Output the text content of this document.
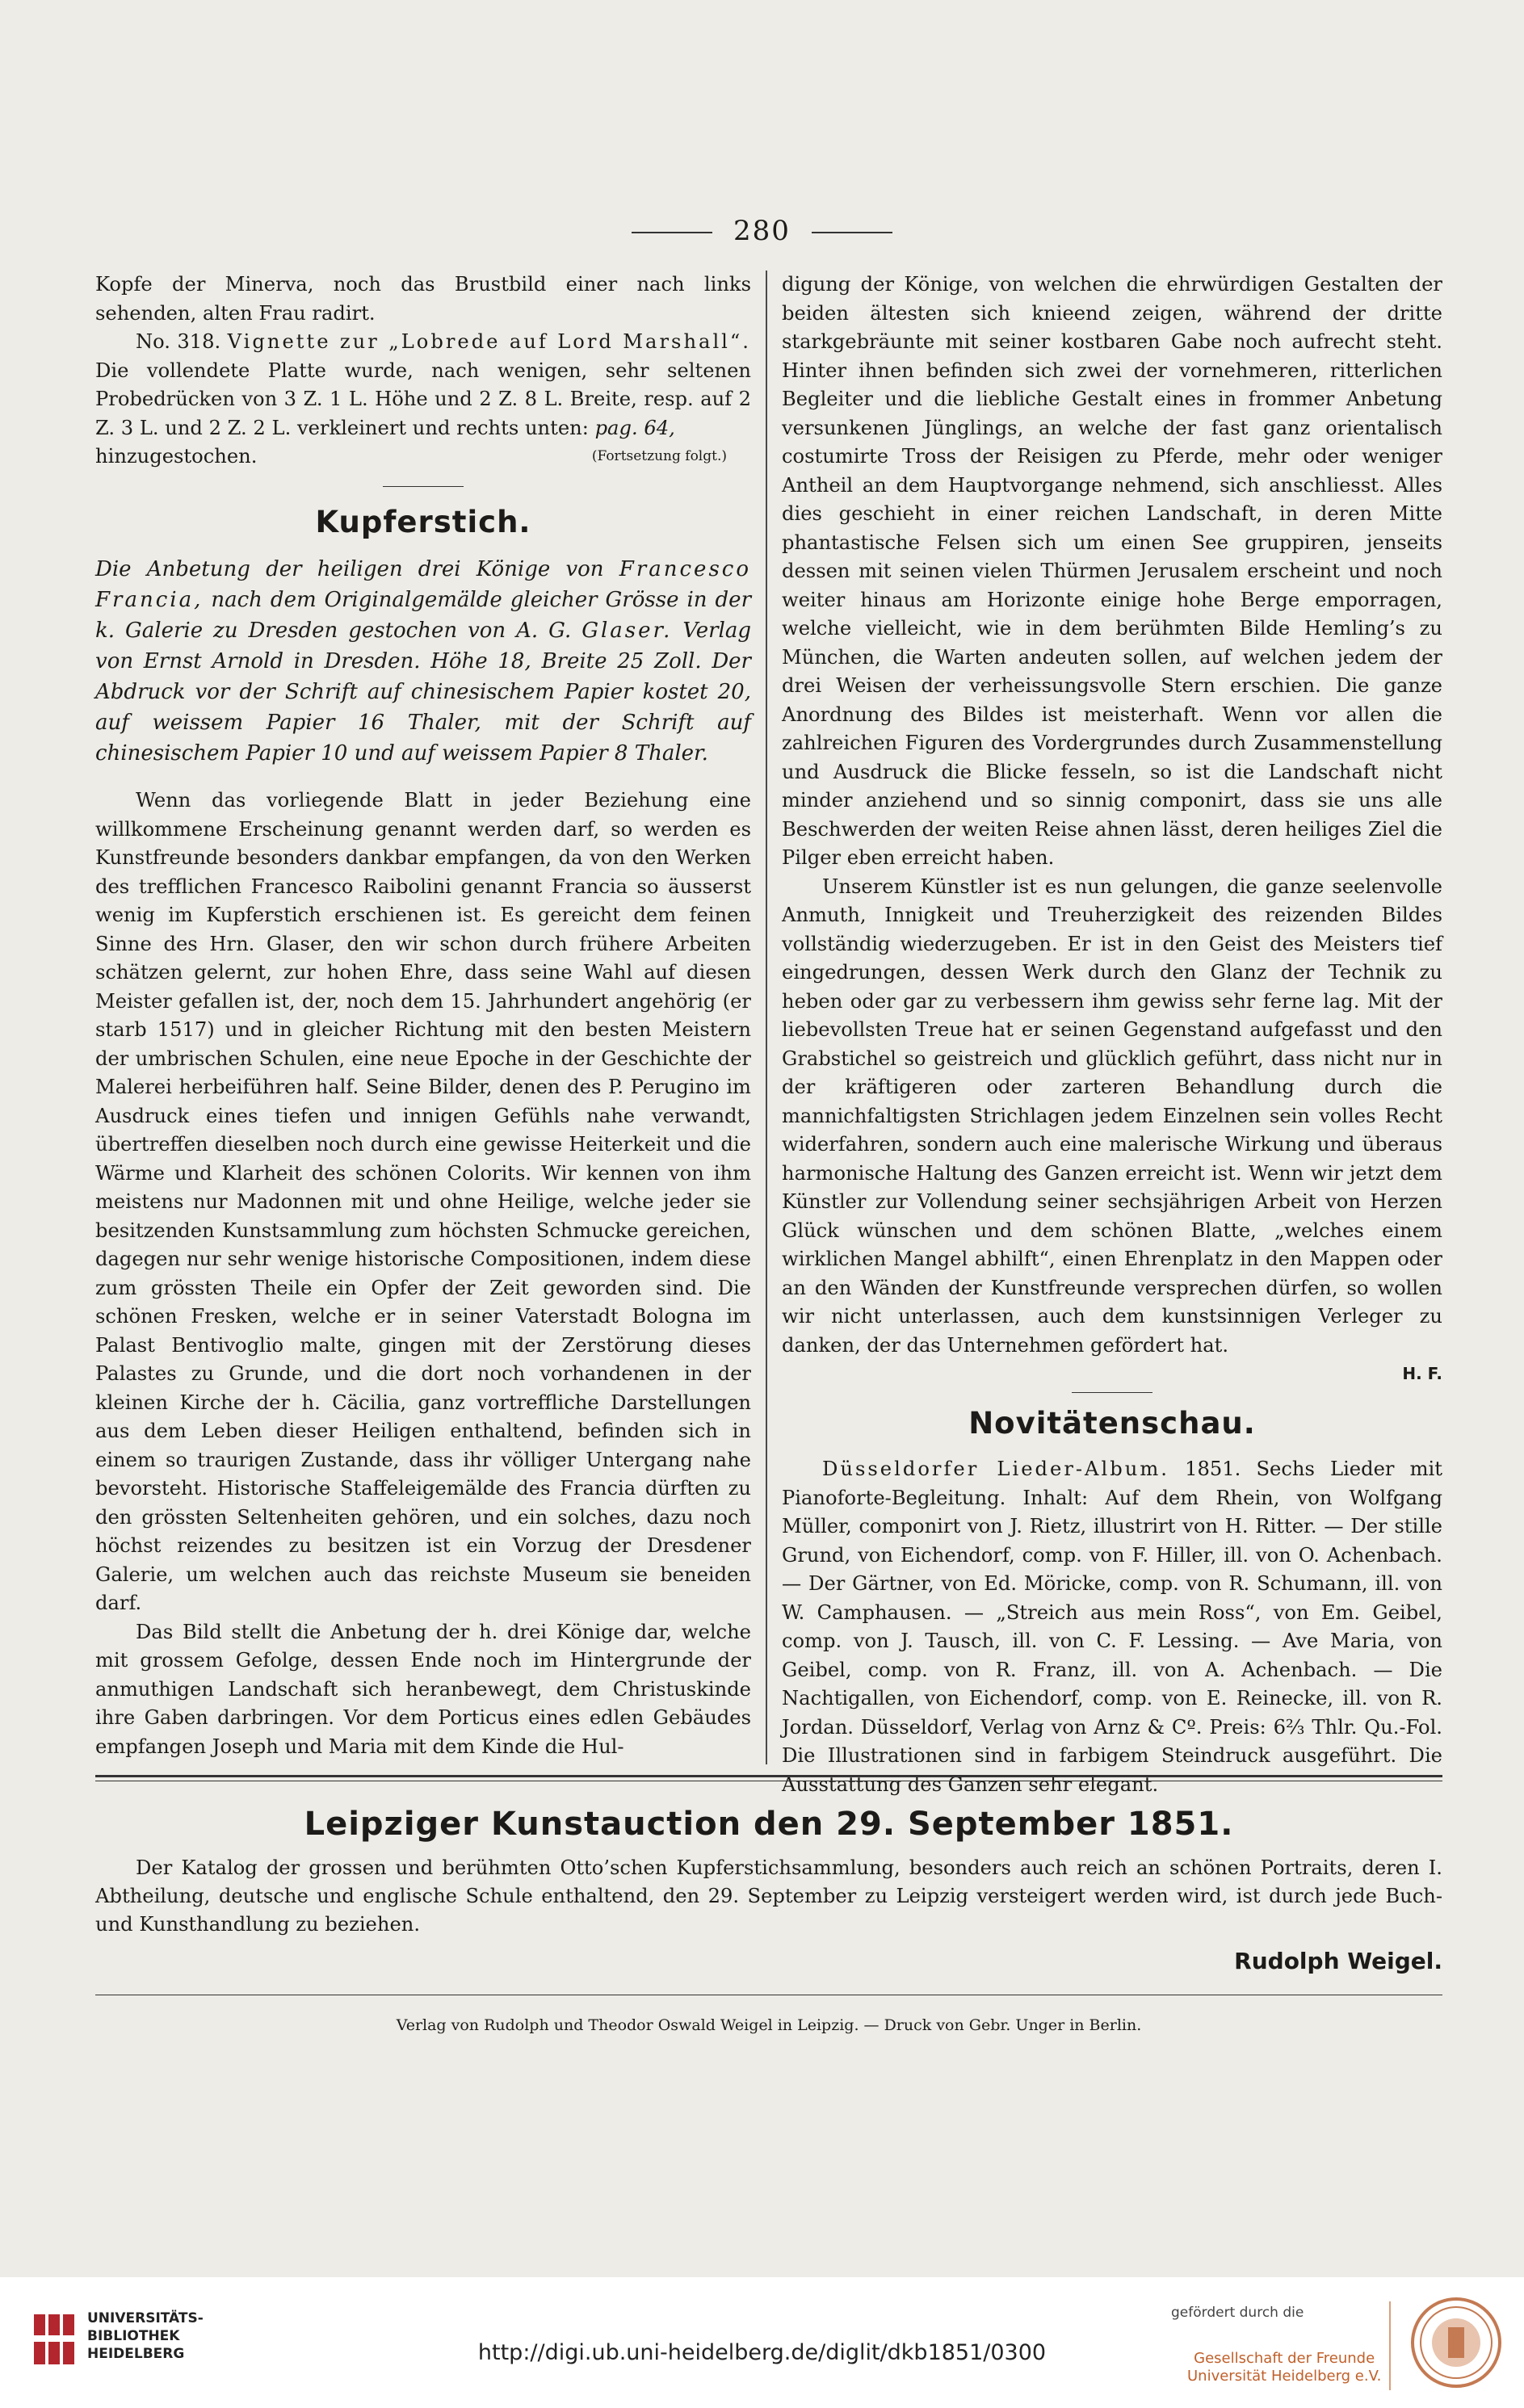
280

Kopfe der Minerva, noch das Brustbild einer nach links sehenden, alten Frau radirt.

No. 318. Vignette zur „Lobrede auf Lord Marshall“. Die vollendete Platte wurde, nach wenigen, sehr seltenen Probedrücken von 3 Z. 1 L. Höhe und 2 Z. 8 L. Breite, resp. auf 2 Z. 3 L. und 2 Z. 2 L. verkleinert und rechts unten: pag. 64,

hinzugestochen.	(Fortsetzung folgt.)

Kupferstich.
Die Anbetung der heiligen drei Könige von Francesco Francia, nach dem Originalgemälde gleicher Grösse in der k. Galerie zu Dresden gestochen von A. G. Glaser. Verlag von Ernst Arnold in Dresden. Höhe 18, Breite 25 Zoll. Der Abdruck vor der Schrift auf chinesischem Papier kostet 20, auf weissem Papier 16 Thaler, mit der Schrift auf chinesischem Papier 10 und auf weissem Papier 8 Thaler.

Wenn das vorliegende Blatt in jeder Beziehung eine willkommene Erscheinung genannt werden darf, so werden es Kunstfreunde besonders dankbar empfangen, da von den Werken des trefflichen Francesco Raibolini genannt Francia so äusserst wenig im Kupferstich erschienen ist. Es gereicht dem feinen Sinne des Hrn. Glaser, den wir schon durch frühere Arbeiten schätzen gelernt, zur hohen Ehre, dass seine Wahl auf diesen Meister gefallen ist, der, noch dem 15. Jahrhundert angehörig (er starb 1517) und in gleicher Richtung mit den besten Meistern der umbrischen Schulen, eine neue Epoche in der Geschichte der Malerei herbeiführen half. Seine Bilder, denen des P. Perugino im Ausdruck eines tiefen und innigen Gefühls nahe verwandt, übertreffen dieselben noch durch eine gewisse Heiterkeit und die Wärme und Klarheit des schönen Colorits. Wir kennen von ihm meistens nur Madonnen mit und ohne Heilige, welche jeder sie besitzenden Kunstsammlung zum höchsten Schmucke gereichen, dagegen nur sehr wenige historische Compositionen, indem diese zum grössten Theile ein Opfer der Zeit geworden sind. Die schönen Fresken, welche er in seiner Vaterstadt Bologna im Palast Bentivoglio malte, gingen mit der Zerstörung dieses Palastes zu Grunde, und die dort noch vorhandenen in der kleinen Kirche der h. Cäcilia, ganz vortreffliche Darstellungen aus dem Leben dieser Heiligen enthaltend, befinden sich in einem so traurigen Zustande, dass ihr völliger Untergang nahe bevorsteht. Historische Staffeleigemälde des Francia dürften zu den grössten Seltenheiten gehören, und ein solches, dazu noch höchst reizendes zu besitzen ist ein Vorzug der Dresdener Galerie, um welchen auch das reichste Museum sie beneiden darf.

Das Bild stellt die Anbetung der h. drei Könige dar, welche mit grossem Gefolge, dessen Ende noch im Hintergrunde der anmuthigen Landschaft sich heranbewegt, dem Christuskinde ihre Gaben darbringen. Vor dem Porticus eines edlen Gebäudes empfangen Joseph und Maria mit dem Kinde die Hul-

digung der Könige, von welchen die ehrwürdigen Gestalten der beiden ältesten sich knieend zeigen, während der dritte starkgebräunte mit seiner kostbaren Gabe noch aufrecht steht. Hinter ihnen befinden sich zwei der vornehmeren, ritterlichen Begleiter und die liebliche Gestalt eines in frommer Anbetung versunkenen Jünglings, an welche der fast ganz orientalisch costumirte Tross der Reisigen zu Pferde, mehr oder weniger Antheil an dem Hauptvorgange nehmend, sich anschliesst. Alles dies geschieht in einer reichen Landschaft, in deren Mitte phantastische Felsen sich um einen See gruppiren, jenseits dessen mit seinen vielen Thürmen Jerusalem erscheint und noch weiter hinaus am Horizonte einige hohe Berge emporragen, welche vielleicht, wie in dem berühmten Bilde Hemling’s zu München, die Warten andeuten sollen, auf welchen jedem der drei Weisen der verheissungsvolle Stern erschien. Die ganze Anordnung des Bildes ist meisterhaft. Wenn vor allen die zahlreichen Figuren des Vordergrundes durch Zusammenstellung und Ausdruck die Blicke fesseln, so ist die Landschaft nicht minder anziehend und so sinnig componirt, dass sie uns alle Beschwerden der weiten Reise ahnen lässt, deren heiliges Ziel die Pilger eben erreicht haben.

Unserem Künstler ist es nun gelungen, die ganze seelenvolle Anmuth, Innigkeit und Treuherzigkeit des reizenden Bildes vollständig wiederzugeben. Er ist in den Geist des Meisters tief eingedrungen, dessen Werk durch den Glanz der Technik zu heben oder gar zu verbessern ihm gewiss sehr ferne lag. Mit der liebevollsten Treue hat er seinen Gegenstand aufgefasst und den Grabstichel so geistreich und glücklich geführt, dass nicht nur in der kräftigeren oder zarteren Behandlung durch die mannichfaltigsten Strichlagen jedem Einzelnen sein volles Recht widerfahren, sondern auch eine malerische Wirkung und überaus harmonische Haltung des Ganzen erreicht ist. Wenn wir jetzt dem Künstler zur Vollendung seiner sechsjährigen Arbeit von Herzen Glück wünschen und dem schönen Blatte, „welches einem wirklichen Mangel abhilft“, einen Ehrenplatz in den Mappen oder an den Wänden der Kunstfreunde versprechen dürfen, so wollen wir nicht unterlassen, auch dem kunstsinnigen Verleger zu danken, der das Unternehmen gefördert hat.

H. F.
Novitätenschau.

Düsseldorfer Lieder-Album. 1851. Sechs Lieder mit Pianoforte-Begleitung. Inhalt: Auf dem Rhein, von Wolfgang Müller, componirt von J. Rietz, illustrirt von H. Ritter. — Der stille Grund, von Eichendorf, comp. von F. Hiller, ill. von O. Achenbach. — Der Gärtner, von Ed. Möricke, comp. von R. Schumann, ill. von W. Camphausen. — „Streich aus mein Ross“, von Em. Geibel, comp. von J. Tausch, ill. von C. F. Lessing. — Ave Maria, von Geibel, comp. von R. Franz, ill. von A. Achenbach. — Die Nachtigallen, von Eichendorf, comp. von E. Reinecke, ill. von R. Jordan. Düsseldorf, Verlag von Arnz & Cº. Preis: 6⅔ Thlr. Qu.-Fol. Die Illustrationen sind in farbigem Steindruck ausgeführt. Die Ausstattung des Ganzen sehr elegant.

Leipziger Kunstauction den 29. September 1851.

Der Katalog der grossen und berühmten Otto’schen Kupferstichsammlung, besonders auch reich an schönen Portraits, deren I. Abtheilung, deutsche und englische Schule enthaltend, den 29. September zu Leipzig versteigert werden wird, ist durch jede Buch- und Kunsthandlung zu beziehen.

Rudolph Weigel.
Verlag von Rudolph und Theodor Oswald Weigel in Leipzig. — Druck von Gebr. Unger in Berlin.
UNIVERSITÄTS-
BIBLIOTHEK
HEIDELBERG	http://digi.ub.uni-heidelberg.de/diglit/dkb1851/0300
gefördert durch die
Gesellschaft der Freunde
Universität Heidelberg e.V.
